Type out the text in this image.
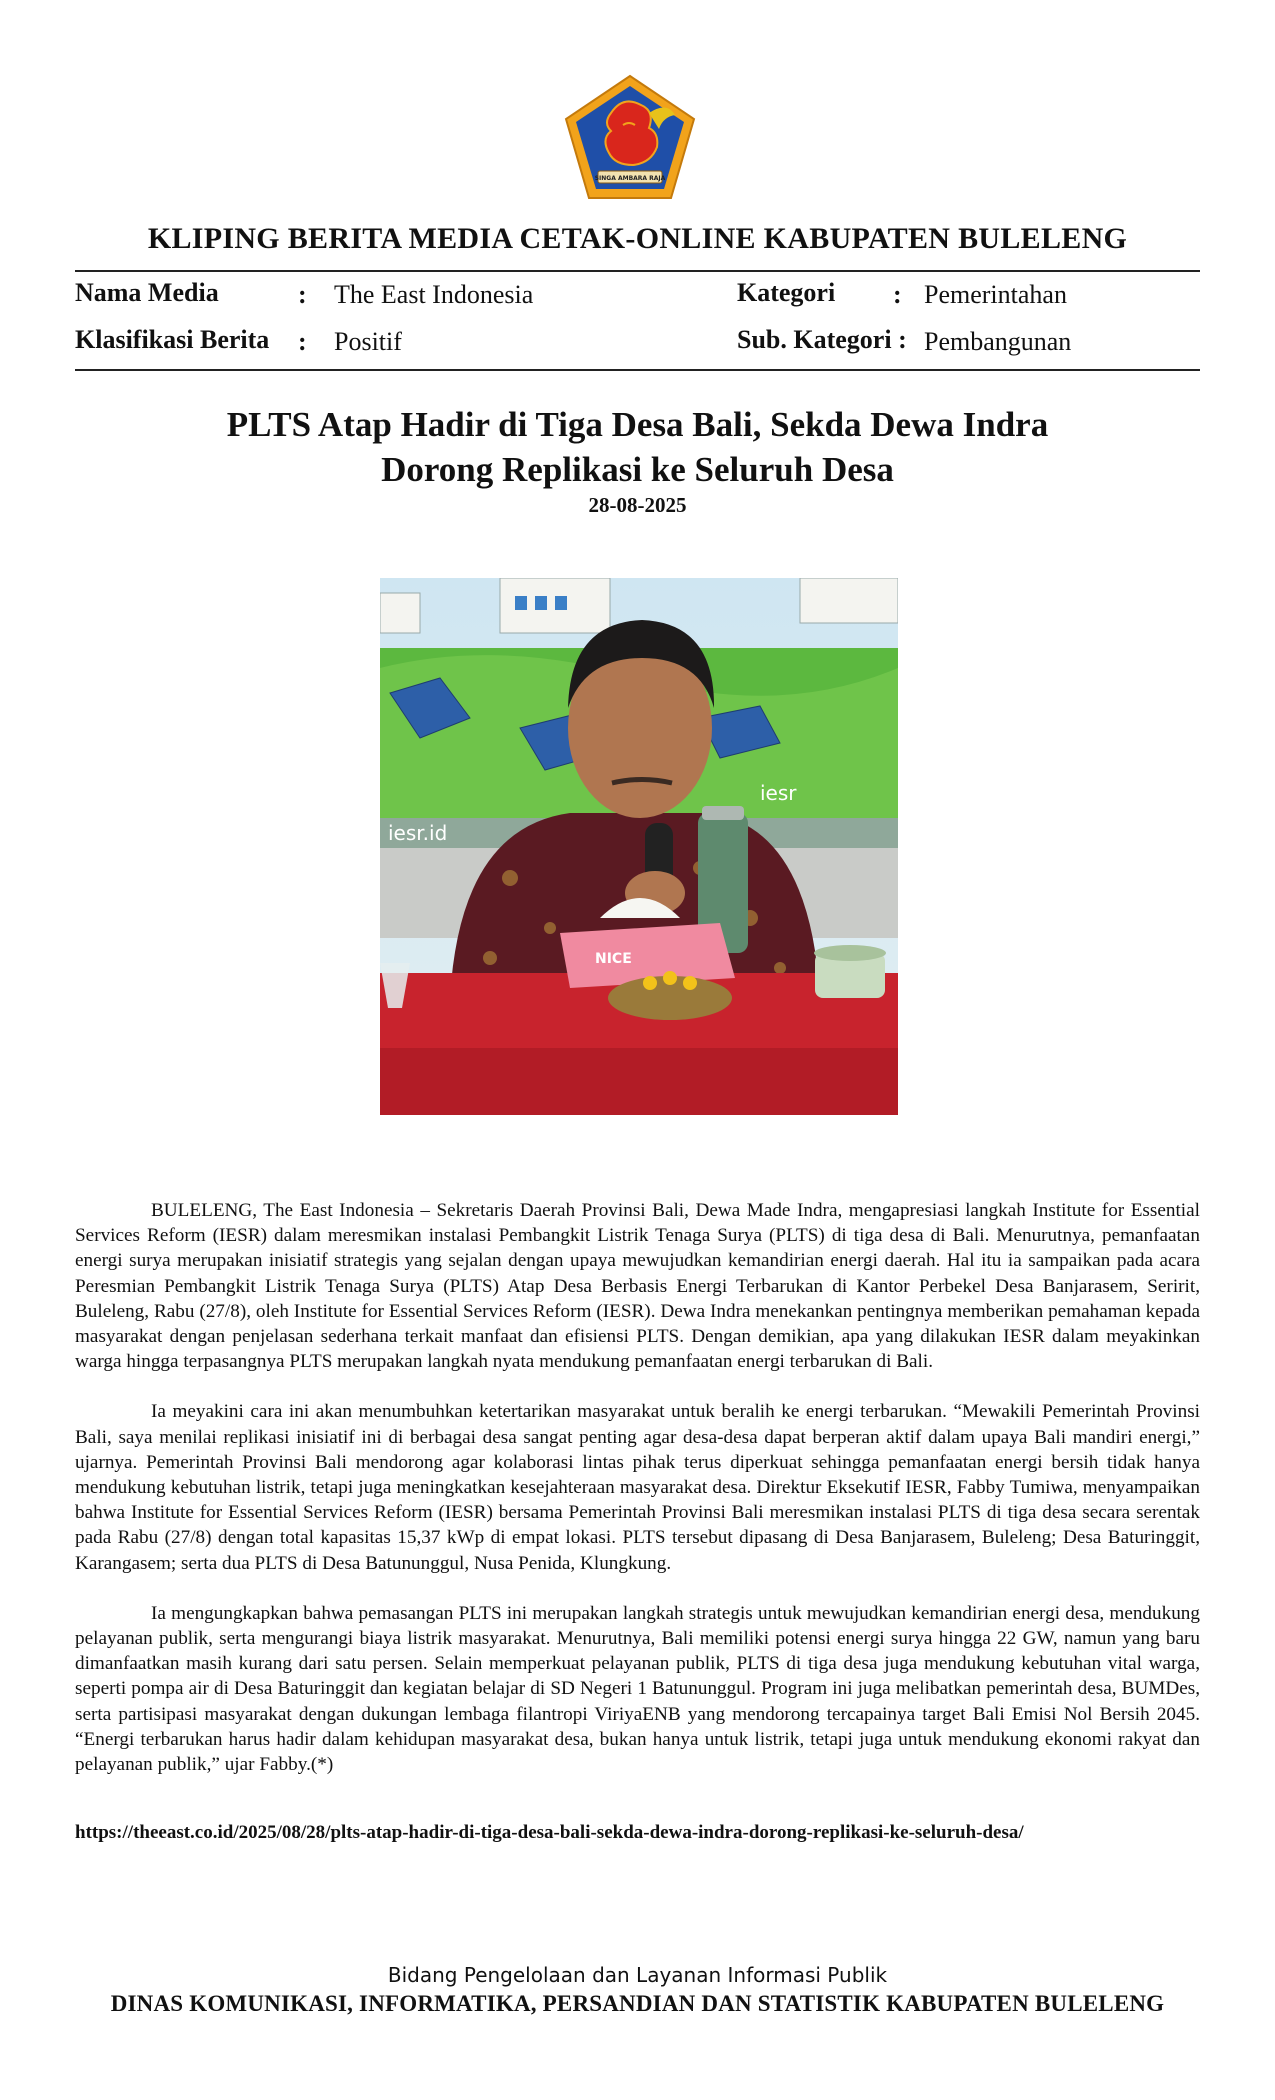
SINGA AMBARA RAJA
KLIPING BERITA MEDIA CETAK-ONLINE KABUPATEN BULELENG
Nama Media	: The East Indonesia	Kategori : Pemerintahan
Klasifikasi Berita : Positif	Sub. Kategori : Pembangunan
PLTS Atap Hadir di Tiga Desa Bali, Sekda Dewa Indra
Dorong Replikasi ke Seluruh Desa
28-08-2025
iesr.id
iesr
NICE

BULELENG, The East Indonesia – Sekretaris Daerah Provinsi Bali, Dewa Made Indra, mengapresiasi langkah Institute for Essential Services Reform (IESR) dalam meresmikan instalasi Pembangkit Listrik Tenaga Surya (PLTS) di tiga desa di Bali. Menurutnya, pemanfaatan energi surya merupakan inisiatif strategis yang sejalan dengan upaya mewujudkan kemandirian energi daerah. Hal itu ia sampaikan pada acara Peresmian Pembangkit Listrik Tenaga Surya (PLTS) Atap Desa Berbasis Energi Terbarukan di Kantor Perbekel Desa Banjarasem, Seririt, Buleleng, Rabu (27/8), oleh Institute for Essential Services Reform (IESR). Dewa Indra menekankan pentingnya memberikan pemahaman kepada masyarakat dengan penjelasan sederhana terkait manfaat dan efisiensi PLTS. Dengan demikian, apa yang dilakukan IESR dalam meyakinkan warga hingga terpasangnya PLTS merupakan langkah nyata mendukung pemanfaatan energi terbarukan di Bali.

Ia meyakini cara ini akan menumbuhkan ketertarikan masyarakat untuk beralih ke energi terbarukan. “Mewakili Pemerintah Provinsi Bali, saya menilai replikasi inisiatif ini di berbagai desa sangat penting agar desa-desa dapat berperan aktif dalam upaya Bali mandiri energi,” ujarnya. Pemerintah Provinsi Bali mendorong agar kolaborasi lintas pihak terus diperkuat sehingga pemanfaatan energi bersih tidak hanya mendukung kebutuhan listrik, tetapi juga meningkatkan kesejahteraan masyarakat desa. Direktur Eksekutif IESR, Fabby Tumiwa, menyampaikan bahwa Institute for Essential Services Reform (IESR) bersama Pemerintah Provinsi Bali meresmikan instalasi PLTS di tiga desa secara serentak pada Rabu (27/8) dengan total kapasitas 15,37 kWp di empat lokasi. PLTS tersebut dipasang di Desa Banjarasem, Buleleng; Desa Baturinggit, Karangasem; serta dua PLTS di Desa Batununggul, Nusa Penida, Klungkung.

Ia mengungkapkan bahwa pemasangan PLTS ini merupakan langkah strategis untuk mewujudkan kemandirian energi desa, mendukung pelayanan publik, serta mengurangi biaya listrik masyarakat. Menurutnya, Bali memiliki potensi energi surya hingga 22 GW, namun yang baru dimanfaatkan masih kurang dari satu persen. Selain memperkuat pelayanan publik, PLTS di tiga desa juga mendukung kebutuhan vital warga, seperti pompa air di Desa Baturinggit dan kegiatan belajar di SD Negeri 1 Batununggul. Program ini juga melibatkan pemerintah desa, BUMDes, serta partisipasi masyarakat dengan dukungan lembaga filantropi ViriyaENB yang mendorong tercapainya target Bali Emisi Nol Bersih 2045. “Energi terbarukan harus hadir dalam kehidupan masyarakat desa, bukan hanya untuk listrik, tetapi juga untuk mendukung ekonomi rakyat dan pelayanan publik,” ujar Fabby.(*)

https://theeast.co.id/2025/08/28/plts-atap-hadir-di-tiga-desa-bali-sekda-dewa-indra-dorong-replikasi-ke-seluruh-desa/
Bidang Pengelolaan dan Layanan Informasi Publik
DINAS KOMUNIKASI, INFORMATIKA, PERSANDIAN DAN STATISTIK KABUPATEN BULELENG
